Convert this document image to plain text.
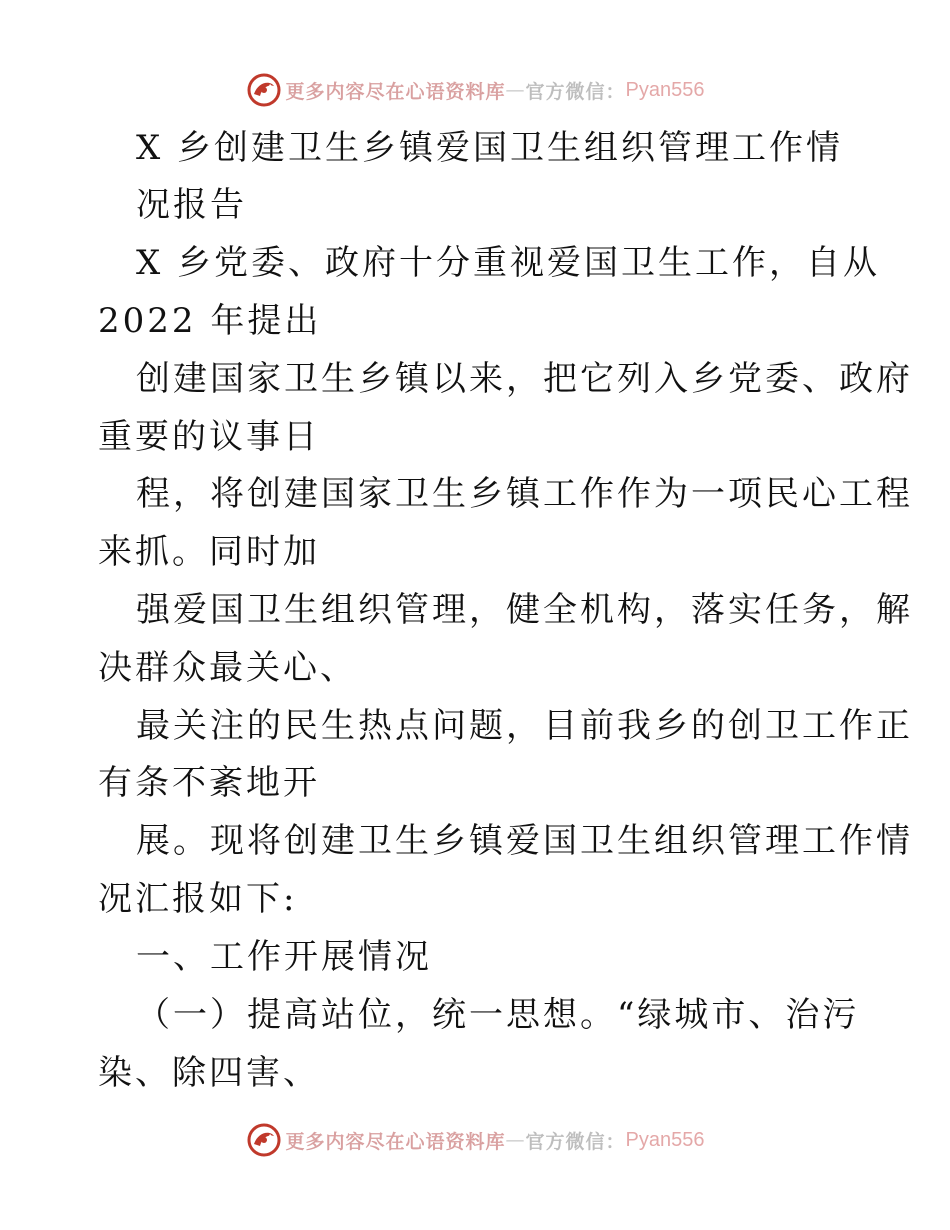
更多内容尽在心语资料库 — 官方微信： Pyan556
X 乡创建卫生乡镇爱国卫生组织管理工作情
况报告
X 乡党委、政府十分重视爱国卫生工作，自从
2022 年提出
创建国家卫生乡镇以来，把它列入乡党委、政府
重要的议事日
程，将创建国家卫生乡镇工作作为一项民心工程
来抓。同时加
强爱国卫生组织管理，健全机构，落实任务，解
决群众最关心、
最关注的民生热点问题，目前我乡的创卫工作正
有条不紊地开
展。现将创建卫生乡镇爱国卫生组织管理工作情
况汇报如下:
一、工作开展情况
（一）提高站位，统一思想。“绿城市、治污
染、除四害、
更多内容尽在心语资料库 — 官方微信： Pyan556
